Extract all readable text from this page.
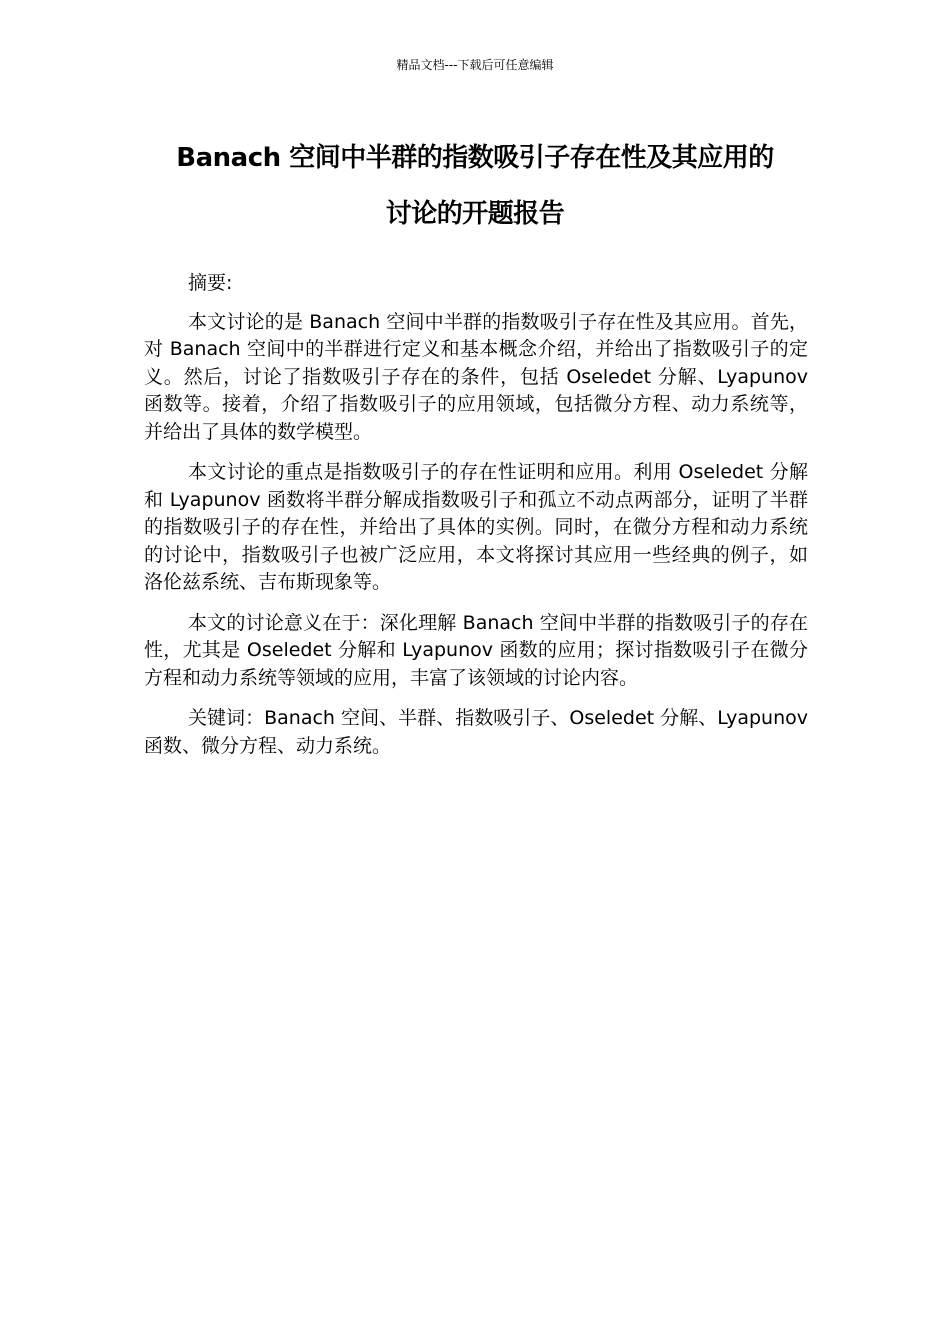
精品文档---下载后可任意编辑
Banach 空间中半群的指数吸引子存在性及其应用的
讨论的开题报告

摘要:

本文讨论的是 Banach 空间中半群的指数吸引子存在性及其应用。首先，对 Banach 空间中的半群进行定义和基本概念介绍，并给出了指数吸引子的定义。然后，讨论了指数吸引子存在的条件，包括 Oseledet 分解、Lyapunov 函数等。接着，介绍了指数吸引子的应用领域，包括微分方程、动力系统等，并给出了具体的数学模型。

本文讨论的重点是指数吸引子的存在性证明和应用。利用 Oseledet 分解和 Lyapunov 函数将半群分解成指数吸引子和孤立不动点两部分，证明了半群的指数吸引子的存在性，并给出了具体的实例。同时，在微分方程和动力系统的讨论中，指数吸引子也被广泛应用，本文将探讨其应用一些经典的例子，如洛伦兹系统、吉布斯现象等。

本文的讨论意义在于：深化理解 Banach 空间中半群的指数吸引子的存在性，尤其是 Oseledet 分解和 Lyapunov 函数的应用；探讨指数吸引子在微分方程和动力系统等领域的应用，丰富了该领域的讨论内容。

关键词：Banach 空间、半群、指数吸引子、Oseledet 分解、Lyapunov 函数、微分方程、动力系统。
